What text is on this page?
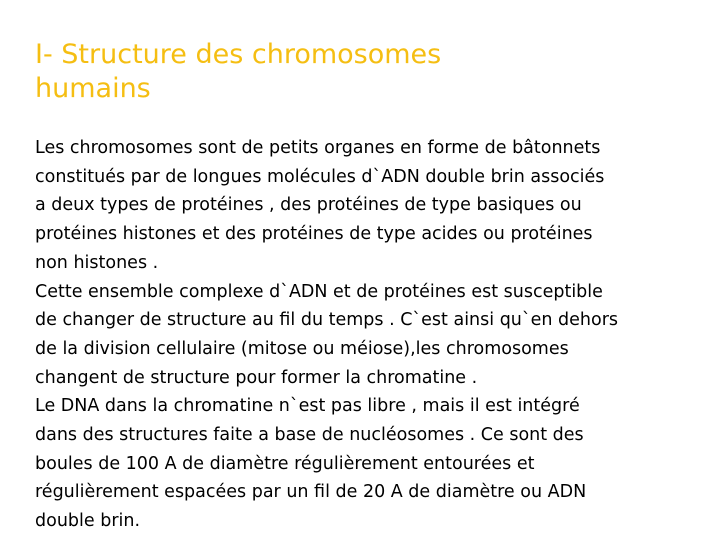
I- Structure des chromosomes
humains
Les chromosomes sont de petits organes en forme de bâtonnets
constitués par de longues molécules d`ADN double brin associés
a deux types de protéines , des protéines de type basiques ou
protéines histones et des protéines de type acides ou protéines
non histones .
Cette ensemble complexe d`ADN et de protéines est susceptible
de changer de structure au fil du temps . C`est ainsi qu`en dehors
de la division cellulaire (mitose ou méiose),les chromosomes
changent de structure pour former la chromatine .
Le DNA dans la chromatine n`est pas libre , mais il est intégré
dans des structures faite a base de nucléosomes . Ce sont des
boules de 100 A de diamètre régulièrement entourées et
régulièrement espacées par un fil de 20 A de diamètre ou ADN
double brin.
